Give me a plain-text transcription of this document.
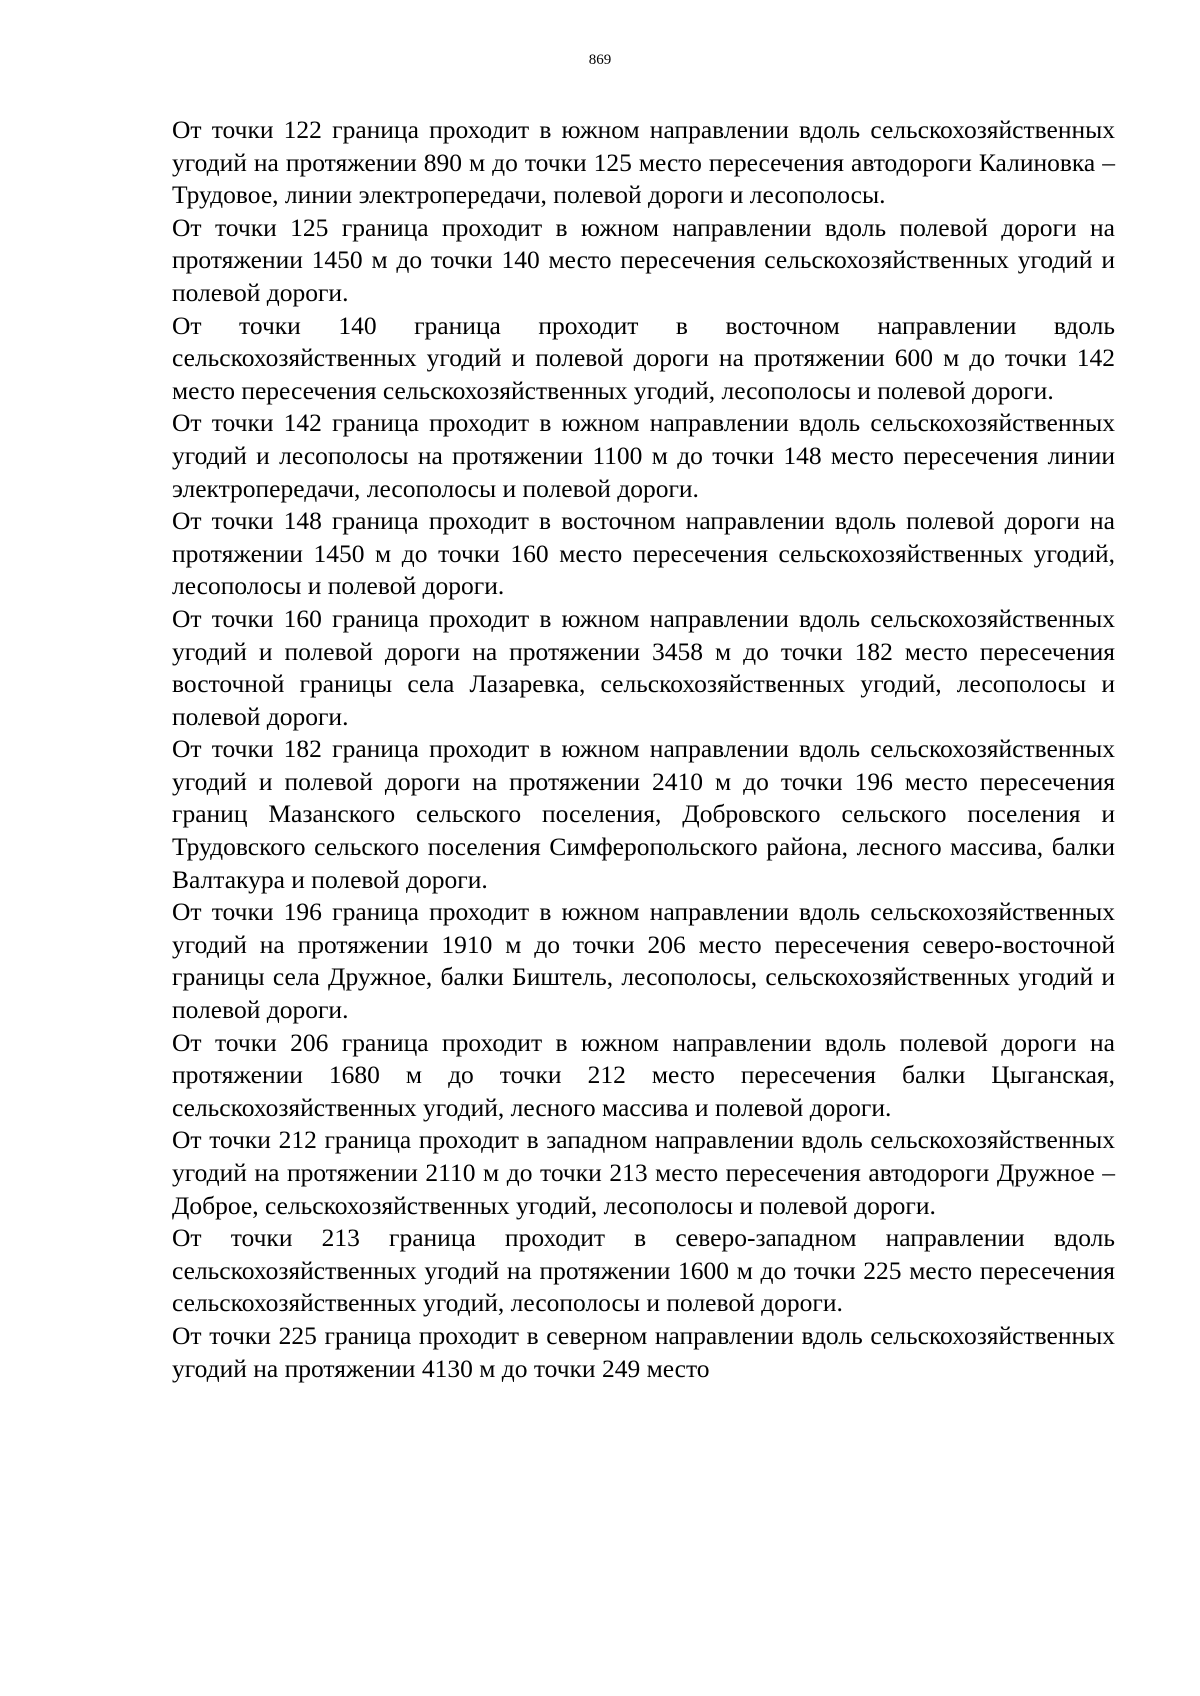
869

От точки 122 граница проходит в южном направлении вдоль сельскохозяйственных угодий на протяжении 890 м до точки 125 место пересечения автодороги Калиновка – Трудовое, линии электропередачи, полевой дороги и лесополосы.

От точки 125 граница проходит в южном направлении вдоль полевой дороги на протяжении 1450 м до точки 140 место пересечения сельскохозяйственных угодий и полевой дороги.

От точки 140 граница проходит в восточном направлении вдоль сельскохозяйственных угодий и полевой дороги на протяжении 600 м до точки 142 место пересечения сельскохозяйственных угодий, лесополосы и полевой дороги.

От точки 142 граница проходит в южном направлении вдоль сельскохозяйственных угодий и лесополосы на протяжении 1100 м до точки 148 место пересечения линии электропередачи, лесополосы и полевой дороги.

От точки 148 граница проходит в восточном направлении вдоль полевой дороги на протяжении 1450 м до точки 160 место пересечения сельскохозяйственных угодий, лесополосы и полевой дороги.

От точки 160 граница проходит в южном направлении вдоль сельскохозяйственных угодий и полевой дороги на протяжении 3458 м до точки 182 место пересечения восточной границы села Лазаревка, сельскохозяйственных угодий, лесополосы и полевой дороги.

От точки 182 граница проходит в южном направлении вдоль сельскохозяйственных угодий и полевой дороги на протяжении 2410 м до точки 196 место пересечения границ Мазанского сельского поселения, Добровского сельского поселения и Трудовского сельского поселения Симферопольского района, лесного массива, балки Валтакура и полевой дороги.

От точки 196 граница проходит в южном направлении вдоль сельскохозяйственных угодий на протяжении 1910 м до точки 206 место пересечения северо-восточной границы села Дружное, балки Биштель, лесополосы, сельскохозяйственных угодий и полевой дороги.

От точки 206 граница проходит в южном направлении вдоль полевой дороги на протяжении 1680 м до точки 212 место пересечения балки Цыганская, сельскохозяйственных угодий, лесного массива и полевой дороги.

От точки 212 граница проходит в западном направлении вдоль сельскохозяйственных угодий на протяжении 2110 м до точки 213 место пересечения автодороги Дружное – Доброе, сельскохозяйственных угодий, лесополосы и полевой дороги.

От точки 213 граница проходит в северо-западном направлении вдоль сельскохозяйственных угодий на протяжении 1600 м до точки 225 место пересечения сельскохозяйственных угодий, лесополосы и полевой дороги.

От точки 225 граница проходит в северном направлении вдоль сельскохозяйственных угодий на протяжении 4130 м до точки 249 место
